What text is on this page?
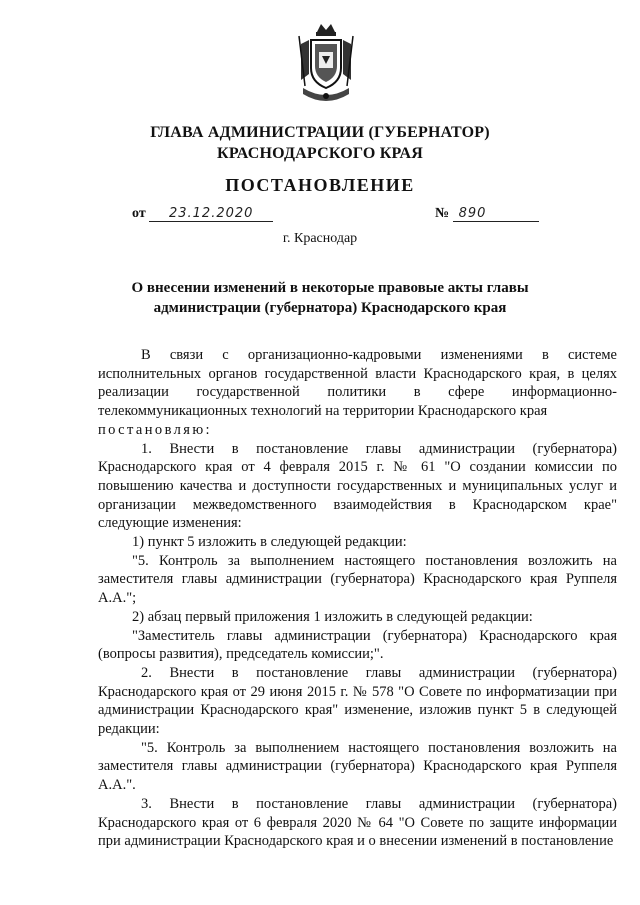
ГЛАВА АДМИНИСТРАЦИИ (ГУБЕРНАТОР)
КРАСНОДАРСКОГО КРАЯ
ПОСТАНОВЛЕНИЕ
от 23.12.2020	№ 890
г. Краснодар
О внесении изменений в некоторые правовые акты главы
администрации (губернатора) Краснодарского края

В связи с организационно-кадровыми изменениями в системе исполнительных органов государственной власти Краснодарского края, в целях реализации государственной политики в сфере информационно-телекоммуникационных технологий на территории Краснодарского края

постановляю:

1. Внести в постановление главы администрации (губернатора) Краснодарского края от 4 февраля 2015 г. № 61 "О создании комиссии по повышению качества и доступности государственных и муниципальных услуг и организации межведомственного взаимодействия в Краснодарском крае" следующие изменения:

1) пункт 5 изложить в следующей редакции:

"5. Контроль за выполнением настоящего постановления возложить на заместителя главы администрации (губернатора) Краснодарского края Руппеля А.А.";

2) абзац первый приложения 1 изложить в следующей редакции:

"Заместитель главы администрации (губернатора) Краснодарского края (вопросы развития), председатель комиссии;".

2. Внести в постановление главы администрации (губернатора) Краснодарского края от 29 июня 2015 г. № 578 "О Совете по информатизации при администрации Краснодарского края" изменение, изложив пункт 5 в следующей редакции:

"5. Контроль за выполнением настоящего постановления возложить на заместителя главы администрации (губернатора) Краснодарского края Руппеля А.А.".

3. Внести в постановление главы администрации (губернатора) Краснодарского края от 6 февраля 2020 № 64 "О Совете по защите информации при администрации Краснодарского края и о внесении изменений в постановление
